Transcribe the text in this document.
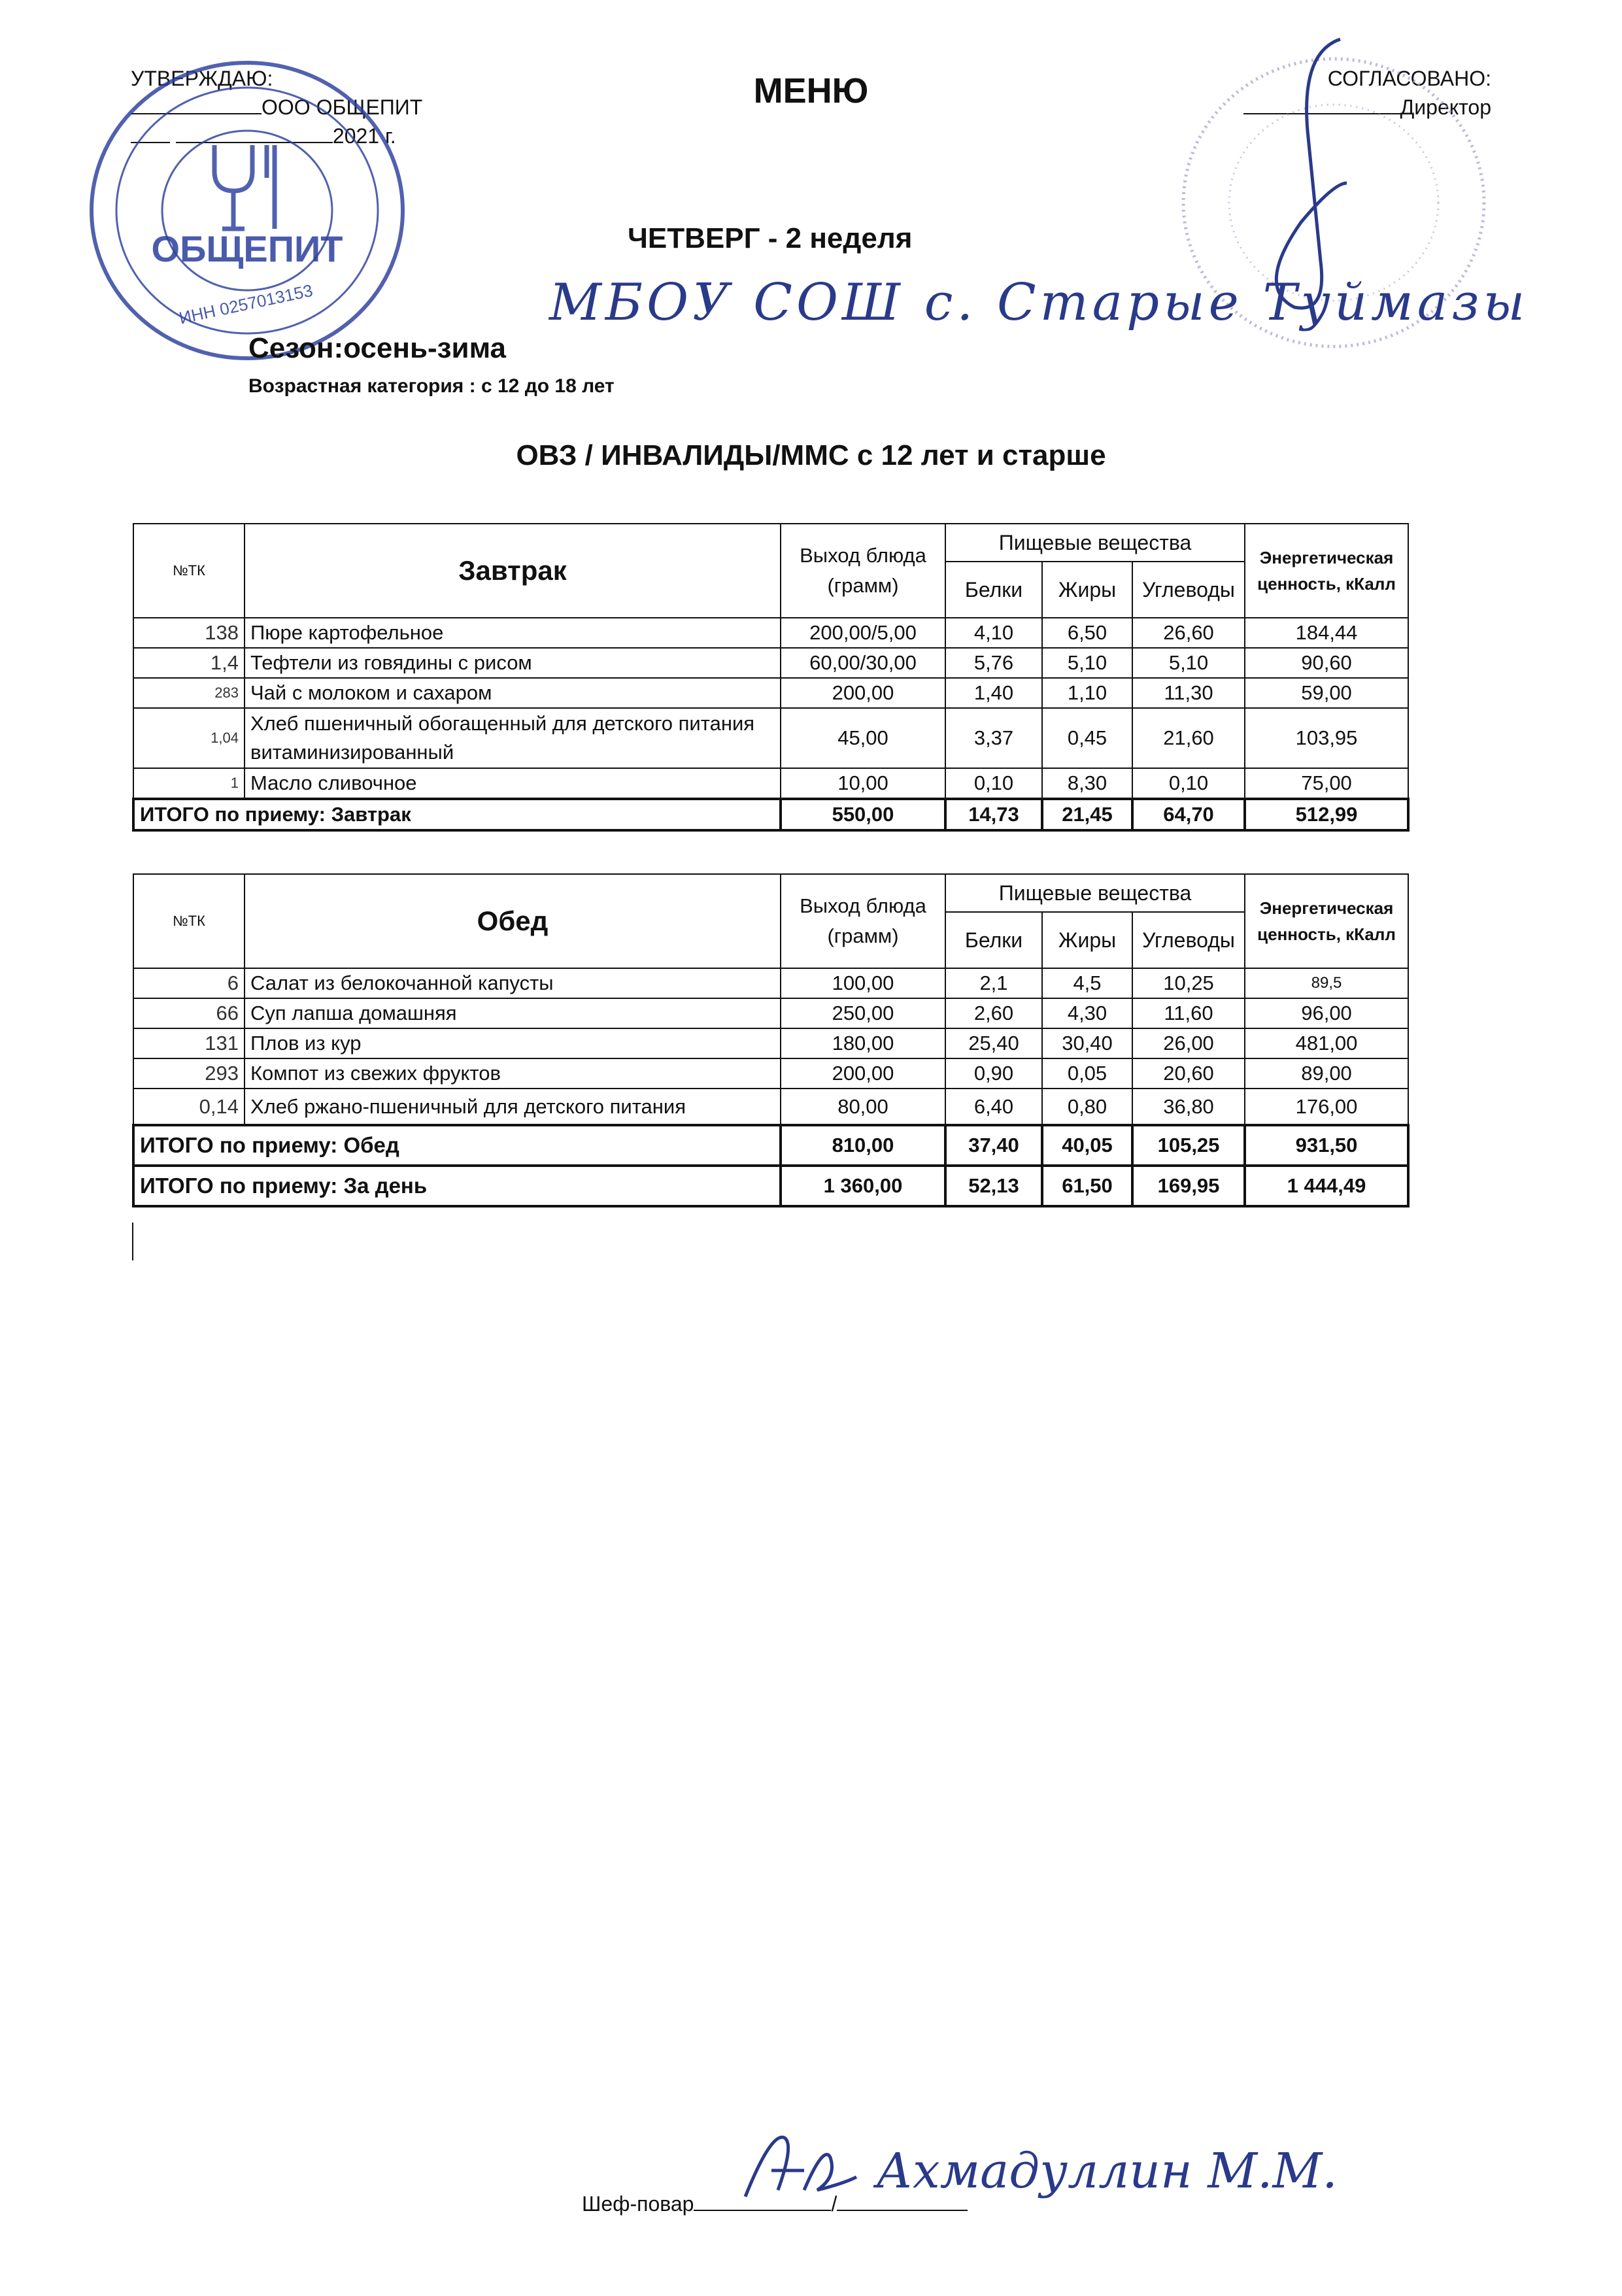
УТВЕРЖДАЮ:
ООО ОБЩЕПИТ
2021 г.
ОБЩЕПИТ
ИНН 0257013153
МЕНЮ	СОГЛАСОВАНО:
Директор
ЧЕТВЕРГ - 2 неделя
МБОУ СОШ с. Старые Туймазы
Сезон:осень-зима
Возрастная категория : с 12 до 18 лет
ОВЗ / ИНВАЛИДЫ/ММС с 12 лет и старше
№ТК	Завтрак	Выход блюда (грамм)	Пищевые вещества			Энергетическая ценность, кКалл
			Белки	Жиры	Углеводы	
138	Пюре картофельное	200,00/5,00	4,10	6,50	26,60	184,44
1,4	Тефтели из говядины с рисом	60,00/30,00	5,76	5,10	5,10	90,60
283	Чай с молоком и сахаром	200,00	1,40	1,10	11,30	59,00
1,04	Хлеб пшеничный обогащенный для детского питания витаминизированный	45,00	3,37	0,45	21,60	103,95
1	Масло сливочное	10,00	0,10	8,30	0,10	75,00
ИТОГО по приему: Завтрак		550,00	14,73	21,45	64,70	512,99
№ТК	Обед	Выход блюда (грамм)	Пищевые вещества			Энергетическая ценность, кКалл
			Белки	Жиры	Углеводы	
6	Салат из белокочанной капусты	100,00	2,1	4,5	10,25	89,5
66	Суп лапша домашняя	250,00	2,60	4,30	11,60	96,00
131	Плов из кур	180,00	25,40	30,40	26,00	481,00
293	Компот из свежих фруктов	200,00	0,90	0,05	20,60	89,00
0,14	Хлеб ржано-пшеничный для детского питания	80,00	6,40	0,80	36,80	176,00
ИТОГО по приему: Обед		810,00	37,40	40,05	105,25	931,50
ИТОГО по приему: За день		1 360,00	52,13	61,50	169,95	1 444,49
Шеф-повар	/
Ахмадуллин М.М.
